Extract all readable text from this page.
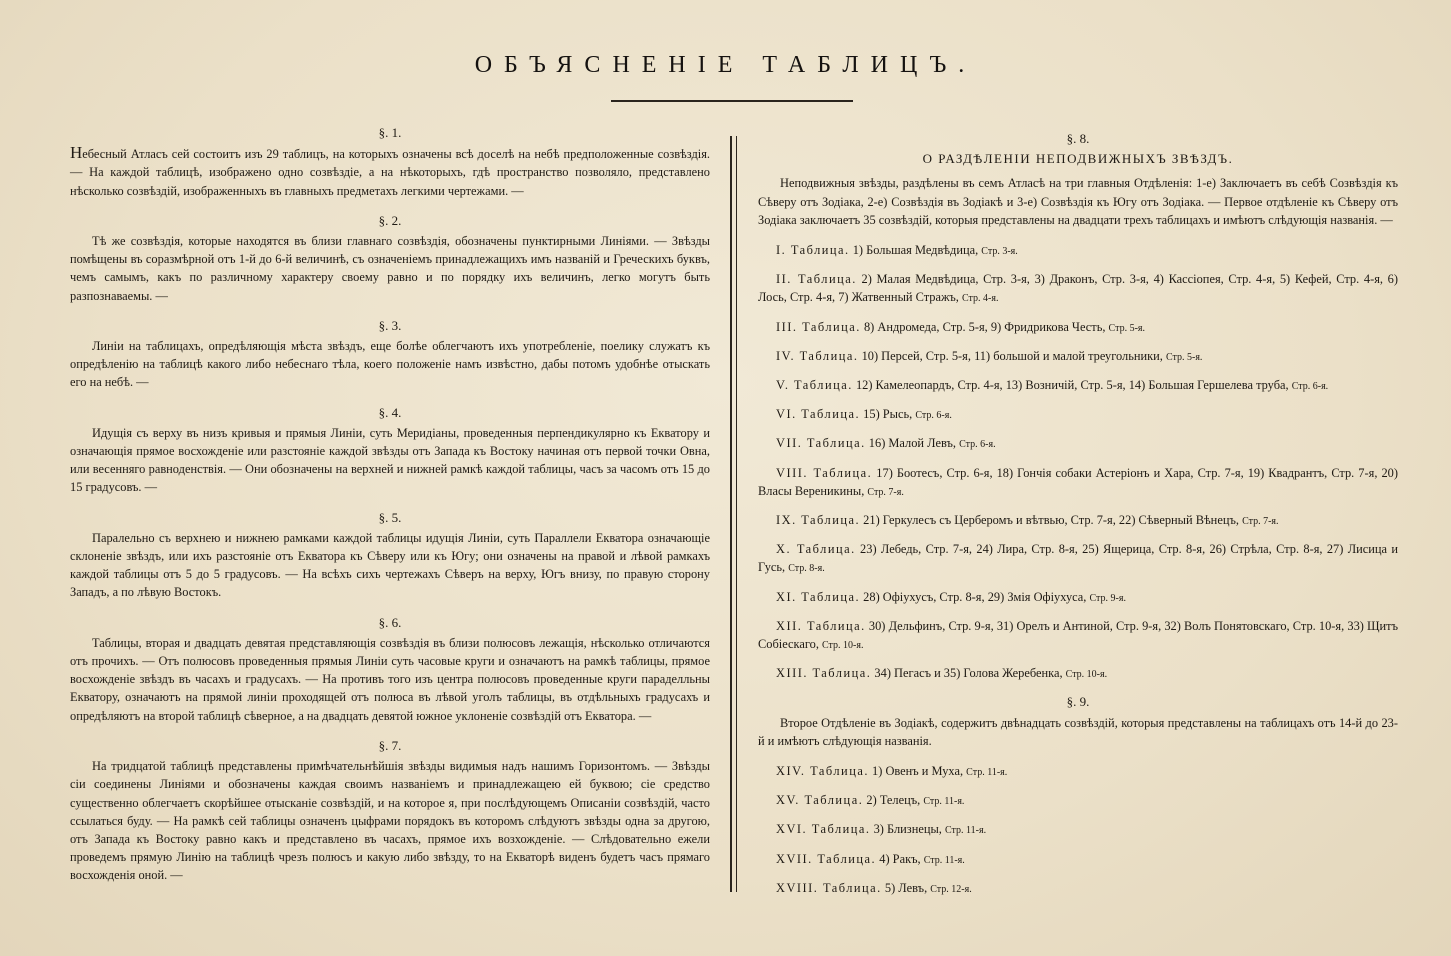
ОБЪЯСНЕНІЕ ТАБЛИЦЪ.
§. 1.

Небесный Атласъ сей состоитъ изъ 29 таблицъ, на которыхъ означены всѣ доселѣ на небѣ предположенные созвѣздія. — На каждой таблицѣ, изображено одно созвѣздіе, а на нѣкоторыхъ, гдѣ пространство позволяло, представлено нѣсколько созвѣздій, изображенныхъ въ главныхъ предметахъ легкими чертежами. —

§. 2.

Тѣ же созвѣздія, которые находятся въ близи главнаго созвѣздія, обозначены пунктирными Линіями. — Звѣзды помѣщены въ соразмѣрной отъ 1-й до 6-й величинѣ, съ означеніемъ принадлежащихъ имъ названій и Греческихъ буквъ, чемъ самымъ, какъ по различному характеру своему равно и по порядку ихъ величинъ, легко могутъ быть разпознаваемы. —

§. 3.

Линіи на таблицахъ, опредѣляющія мѣста звѣздъ, еще болѣе облегчаютъ ихъ употребленіе, поелику служатъ къ опредѣленію на таблицѣ какого либо небеснаго тѣла, коего положеніе намъ извѣстно, дабы потомъ удобнѣе отыскать его на небѣ. —

§. 4.

Идущія съ верху въ низъ кривыя и прямыя Линіи, суть Меридіаны, проведенныя перпендикулярно къ Екватору и означающія прямое восхожденіе или разстояніе каждой звѣзды отъ Запада къ Востоку начиная отъ первой точки Овна, или весенняго равноденствія. — Они обозначены на верхней и нижней рамкѣ каждой таблицы, часъ за часомъ отъ 15 до 15 градусовъ. —

§. 5.

Паралельно съ верхнею и нижнею рамками каждой таблицы идущія Линіи, суть Параллели Екватора означающіе склоненіе звѣздъ, или ихъ разстояніе отъ Екватора къ Сѣверу или къ Югу; они означены на правой и лѣвой рамкахъ каждой таблицы отъ 5 до 5 градусовъ. — На всѣхъ сихъ чертежахъ Сѣверъ на верху, Югъ внизу, по правую сторону Западъ, а по лѣвую Востокъ.

§. 6.

Таблицы, вторая и двадцать девятая представляющія созвѣздія въ близи полюсовъ лежащія, нѣсколько отличаются отъ прочихъ. — Отъ полюсовъ проведенныя прямыя Линіи суть часовые круги и означаютъ на рамкѣ таблицы, прямое восхожденіе звѣздъ въ часахъ и градусахъ. — На противъ того изъ центра полюсовъ проведенные круги параделльны Екватору, означаютъ на прямой линіи проходящей отъ полюса въ лѣвой уголъ таблицы, въ отдѣльныхъ градусахъ и опредѣляютъ на второй таблицѣ сѣверное, а на двадцать девятой южное уклоненіе созвѣздій отъ Екватора. —

§. 7.

На тридцатой таблицѣ представлены примѣчательнѣйшія звѣзды видимыя надъ нашимъ Горизонтомъ. — Звѣзды сіи соединены Линіями и обозначены каждая своимъ названіемъ и принадлежащею ей буквою; сіе средство существенно облегчаетъ скорѣйшее отысканіе созвѣздій, и на которое я, при послѣдующемъ Описаніи созвѣздій, часто ссылаться буду. — На рамкѣ сей таблицы означенъ цыфрами порядокъ въ которомъ слѣдуютъ звѣзды одна за другою, отъ Запада къ Востоку равно какъ и представлено въ часахъ, прямое ихъ возхожденіе. — Слѣдовательно ежели проведемъ прямую Линію на таблицѣ чрезъ полюсъ и какую либо звѣзду, то на Екваторѣ виденъ будетъ часъ прямаго восхожденія оной. —

§. 8.
О РАЗДѢЛЕНІИ НЕПОДВИЖНЫХЪ ЗВѢЗДЪ.

Неподвижныя звѣзды, раздѣлены въ семъ Атласѣ на три главныя Отдѣленія: 1-е) Заключаетъ въ себѣ Созвѣздія къ Сѣверу отъ Зодіака, 2-е) Созвѣздія въ Зодіакѣ и 3-е) Созвѣздія къ Югу отъ Зодіака. — Первое отдѣленіе къ Сѣверу отъ Зодіака заключаетъ 35 созвѣздій, которыя представлены на двадцати трехъ таблицахъ и имѣютъ слѣдующія названія. —

I. Таблица. 1) Большая Медвѣдица, Стр. 3-я.

II. Таблица. 2) Малая Медвѣдица, Стр. 3-я, 3) Драконъ, Стр. 3-я, 4) Кассіопея, Стр. 4-я, 5) Кефей, Стр. 4-я, 6) Лось, Стр. 4-я, 7) Жатвенный Стражъ, Стр. 4-я.

III. Таблица. 8) Андромеда, Стр. 5-я, 9) Фридрикова Честь, Стр. 5-я.

IV. Таблица. 10) Персей, Стр. 5-я, 11) большой и малой треугольники, Стр. 5-я.

V. Таблица. 12) Камелеопардъ, Стр. 4-я, 13) Возничій, Стр. 5-я, 14) Большая Гершелева труба, Стр. 6-я.

VI. Таблица. 15) Рысь, Стр. 6-я.

VII. Таблица. 16) Малой Левъ, Стр. 6-я.

VIII. Таблица. 17) Боотесъ, Стр. 6-я, 18) Гончія собаки Астеріонъ и Хара, Стр. 7-я, 19) Квадрантъ, Стр. 7-я, 20) Власы Вереникины, Стр. 7-я.

IX. Таблица. 21) Геркулесъ съ Церберомъ и вѣтвью, Стр. 7-я, 22) Сѣверный Вѣнецъ, Стр. 7-я.

X. Таблица. 23) Лебедь, Стр. 7-я, 24) Лира, Стр. 8-я, 25) Ящерица, Стр. 8-я, 26) Стрѣла, Стр. 8-я, 27) Лисица и Гусь, Стр. 8-я.

XI. Таблица. 28) Офіухусъ, Стр. 8-я, 29) Змія Офіухуса, Стр. 9-я.

XII. Таблица. 30) Дельфинъ, Стр. 9-я, 31) Орелъ и Антиной, Стр. 9-я, 32) Волъ Понятовскаго, Стр. 10-я, 33) Щитъ Собіескаго, Стр. 10-я.

XIII. Таблица. 34) Пегасъ и 35) Голова Жеребенка, Стр. 10-я.

§. 9.

Второе Отдѣленіе въ Зодіакѣ, содержитъ двѣнадцать созвѣздій, которыя представлены на таблицахъ отъ 14-й до 23-й и имѣютъ слѣдующія названія.

XIV. Таблица. 1) Овенъ и Муха, Стр. 11-я.

XV. Таблица. 2) Телецъ, Стр. 11-я.

XVI. Таблица. 3) Близнецы, Стр. 11-я.

XVII. Таблица. 4) Ракъ, Стр. 11-я.

XVIII. Таблица. 5) Левъ, Стр. 12-я.
